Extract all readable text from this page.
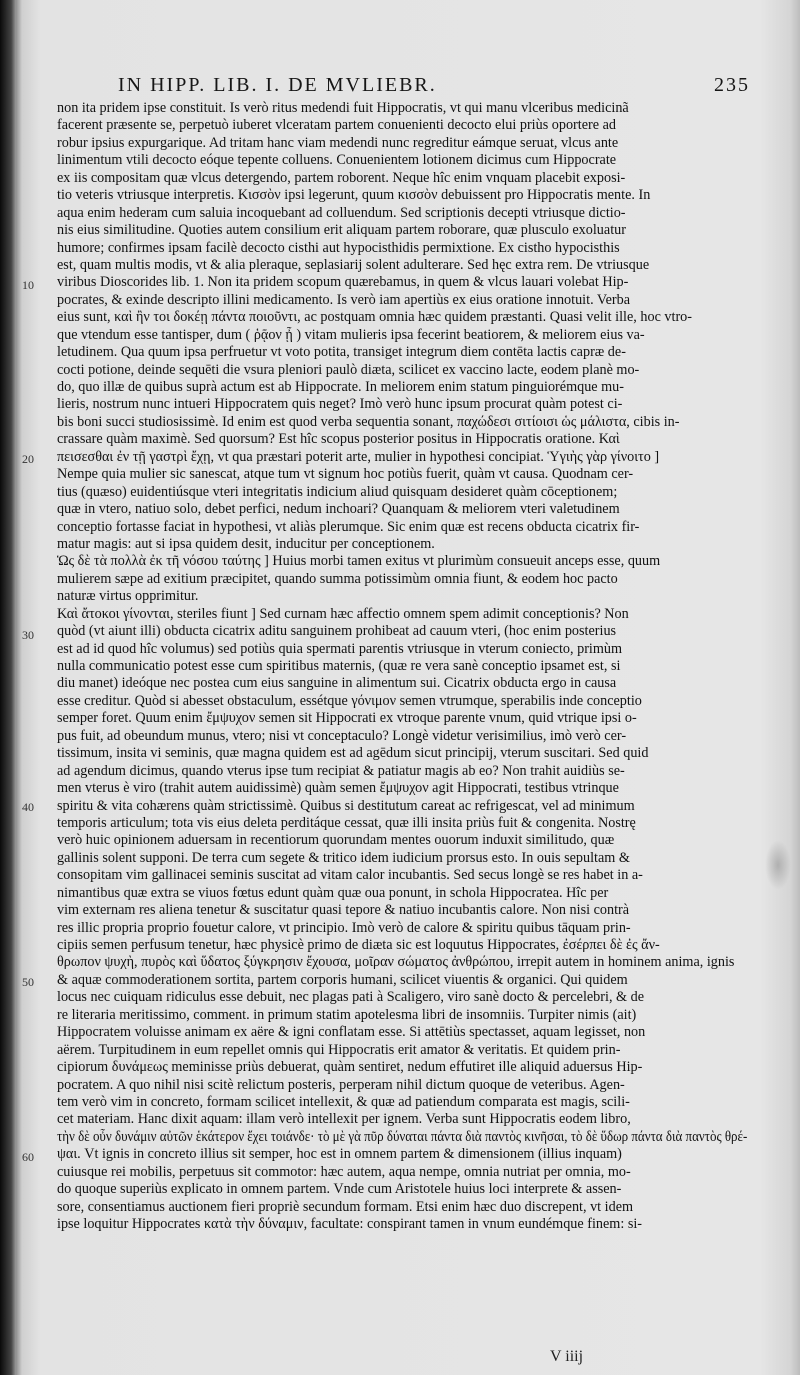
IN HIPP. LIB. I. DE MVLIEBR.	235
10
20
30
40
50
60
non ita pridem ipse constituit. Is verò ritus medendi fuit Hippocratis, vt qui manu vlceribus medicinã
facerent præsente se, perpetuò iuberet vlceratam partem conuenienti decocto elui priùs oportere ad
robur ipsius expurgarique. Ad tritam hanc viam medendi nunc regreditur eámque seruat, vlcus ante
linimentum vtili decocto eóque tepente colluens. Conuenientem lotionem dicimus cum Hippocrate
ex iis compositam quæ vlcus detergendo, partem roborent. Neque hîc enim vnquam placebit exposi-
tio veteris vtriusque interpretis. Κισσὸν ipsi legerunt, quum κισσὸν debuissent pro Hippocratis mente. In
aqua enim hederam cum saluia incoquebant ad colluendum. Sed scriptionis decepti vtriusque dictio-
nis eius similitudine. Quoties autem consilium erit aliquam partem roborare, quæ plusculo exoluatur
humore; confirmes ipsam facilè decocto cisthi aut hypocisthidis permixtione. Ex cistho hypocisthis
est, quam multis modis, vt & alia pleraque, seplasiarij solent adulterare. Sed hęc extra rem. De vtriusque
viribus Dioscorides lib. 1. Non ita pridem scopum quærebamus, in quem & vlcus lauari volebat Hip-
pocrates, & exinde descripto illini medicamento. Is verò iam apertiùs ex eius oratione innotuit. Verba
eius sunt, καὶ ἢν τοι δοκέῃ πάντα ποιοῦντι, ac postquam omnia hæc quidem præstanti. Quasi velit ille, hoc vtro-
que vtendum esse tantisper, dum ( ῥᾷον ᾖ ) vitam mulieris ipsa fecerint beatiorem, & meliorem eius va-
letudinem. Qua quum ipsa perfruetur vt voto potita, transiget integrum diem contēta lactis capræ de-
cocti potione, deinde sequēti die vsura pleniori paulò diæta, scilicet ex vaccino lacte, eodem planè mo-
do, quo illæ de quibus suprà actum est ab Hippocrate. In meliorem enim statum pinguiorémque mu-
lieris, nostrum nunc intueri Hippocratem quis neget? Imò verò hunc ipsum procurat quàm potest ci-
bis boni succi studiosissimè. Id enim est quod verba sequentia sonant, παχώδεσι σιτίοισι ὡς μάλιστα, cibis in-
crassare quàm maximè. Sed quorsum? Est hîc scopus posterior positus in Hippocratis oratione. Καὶ
πεισεσθαι ἐν τῇ γαστρὶ ἔχῃ, vt qua præstari poterit arte, mulier in hypothesi concipiat. Ὑγιὴς γὰρ γίνοιτο ]
Nempe quia mulier sic sanescat, atque tum vt signum hoc potiùs fuerit, quàm vt causa. Quodnam cer-
tius (quæso) euidentiúsque vteri integritatis indicium aliud quisquam desideret quàm cōceptionem;
quæ in vtero, natiuo solo, debet perfici, nedum inchoari? Quanquam & meliorem vteri valetudinem
conceptio fortasse faciat in hypothesi, vt aliàs plerumque. Sic enim quæ est recens obducta cicatrix fir-
matur magis: aut si ipsa quidem desit, inducitur per conceptionem.
Ὡς δὲ τὰ πολλὰ ἐκ τῆ νόσου ταύτης ] Huius morbi tamen exitus vt plurimùm consueuit anceps esse, quum
mulierem sæpe ad exitium præcipitet, quando summa potissimùm omnia fiunt, & eodem hoc pacto
naturæ virtus opprimitur.
Καὶ ἄτοκοι γίνονται, steriles fiunt ] Sed curnam hæc affectio omnem spem adimit conceptionis? Non
quòd (vt aiunt illi) obducta cicatrix aditu sanguinem prohibeat ad cauum vteri, (hoc enim posterius
est ad id quod hîc volumus) sed potiùs quia spermati parentis vtriusque in vterum coniecto, primùm
nulla communicatio potest esse cum spiritibus maternis, (quæ re vera sanè conceptio ipsamet est, si
diu manet) ideóque nec postea cum eius sanguine in alimentum sui. Cicatrix obducta ergo in causa
esse creditur. Quòd si abesset obstaculum, essétque γόνιμον semen vtrumque, sperabilis inde conceptio
semper foret. Quum enim ἔμψυχον semen sit Hippocrati ex vtroque parente vnum, quid vtrique ipsi o-
pus fuit, ad obeundum munus, vtero; nisi vt conceptaculo? Longè videtur verisimilius, imò verò cer-
tissimum, insita vi seminis, quæ magna quidem est ad agēdum sicut principij, vterum suscitari. Sed quid
ad agendum dicimus, quando vterus ipse tum recipiat & patiatur magis ab eo? Non trahit auidiùs se-
men vterus è viro (trahit autem auidissimè) quàm semen ἔμψυχον agit Hippocrati, testibus vtrinque
spiritu & vita cohærens quàm strictissimè. Quibus si destitutum careat ac refrigescat, vel ad minimum
temporis articulum; tota vis eius deleta perditáque cessat, quæ illi insita priùs fuit & congenita. Nostrę
verò huic opinionem aduersam in recentiorum quorundam mentes ouorum induxit similitudo, quæ
gallinis solent supponi. De terra cum segete & tritico idem iudicium prorsus esto. In ouis sepultam &
consopitam vim gallinacei seminis suscitat ad vitam calor incubantis. Sed secus longè se res habet in a-
nimantibus quæ extra se viuos fœtus edunt quàm quæ oua ponunt, in schola Hippocratea. Hîc per
vim externam res aliena tenetur & suscitatur quasi tepore & natiuo incubantis calore. Non nisi contrà
res illic propria proprio fouetur calore, vt principio. Imò verò de calore & spiritu quibus tāquam prin-
cipiis semen perfusum tenetur, hæc physicè primo de diæta sic est loquutus Hippocrates, ἐσέρπει δὲ ἐς ἄν-
θρωπον ψυχὴ, πυρὸς καὶ ὕδατος ξύγκρησιν ἔχουσα, μοῖραν σώματος ἀνθρώπου, irrepit autem in hominem anima, ignis
& aquæ commoderationem sortita, partem corporis humani, scilicet viuentis & organici. Qui quidem
locus nec cuiquam ridiculus esse debuit, nec plagas pati à Scaligero, viro sanè docto & percelebri, & de
re literaria meritissimo, comment. in primum statim apotelesma libri de insomniis. Turpiter nimis (ait)
Hippocratem voluisse animam ex aëre & igni conflatam esse. Si attētiùs spectasset, aquam legisset, non
aërem. Turpitudinem in eum repellet omnis qui Hippocratis erit amator & veritatis. Et quidem prin-
cipiorum δυνάμεως meminisse priùs debuerat, quàm sentiret, nedum effutiret ille aliquid aduersus Hip-
pocratem. A quo nihil nisi scitè relictum posteris, perperam nihil dictum quoque de veteribus. Agen-
tem verò vim in concreto, formam scilicet intellexit, & quæ ad patiendum comparata est magis, scili-
cet materiam. Hanc dixit aquam: illam verò intellexit per ignem. Verba sunt Hippocratis eodem libro,
τὴν δὲ οὖν δυνάμιν αὐτῶν ἑκάτερον ἔχει τοιάνδε· τὸ μὲ γὰ πῦρ δύναται πάντα διὰ παντὸς κινῆσαι, τὸ δὲ ὕδωρ πάντα διὰ παντὸς θρέ-
ψαι. Vt ignis in concreto illius sit semper, hoc est in omnem partem & dimensionem (illius inquam)
cuiusque rei mobilis, perpetuus sit commotor: hæc autem, aqua nempe, omnia nutriat per omnia, mo-
do quoque superiùs explicato in omnem partem. Vnde cum Aristotele huius loci interprete & assen-
sore, consentiamus auctionem fieri propriè secundum formam. Etsi enim hæc duo discrepent, vt idem
ipse loquitur Hippocrates κατὰ τὴν δύναμιν, facultate: conspirant tamen in vnum eundémque finem: si-
V iiij
